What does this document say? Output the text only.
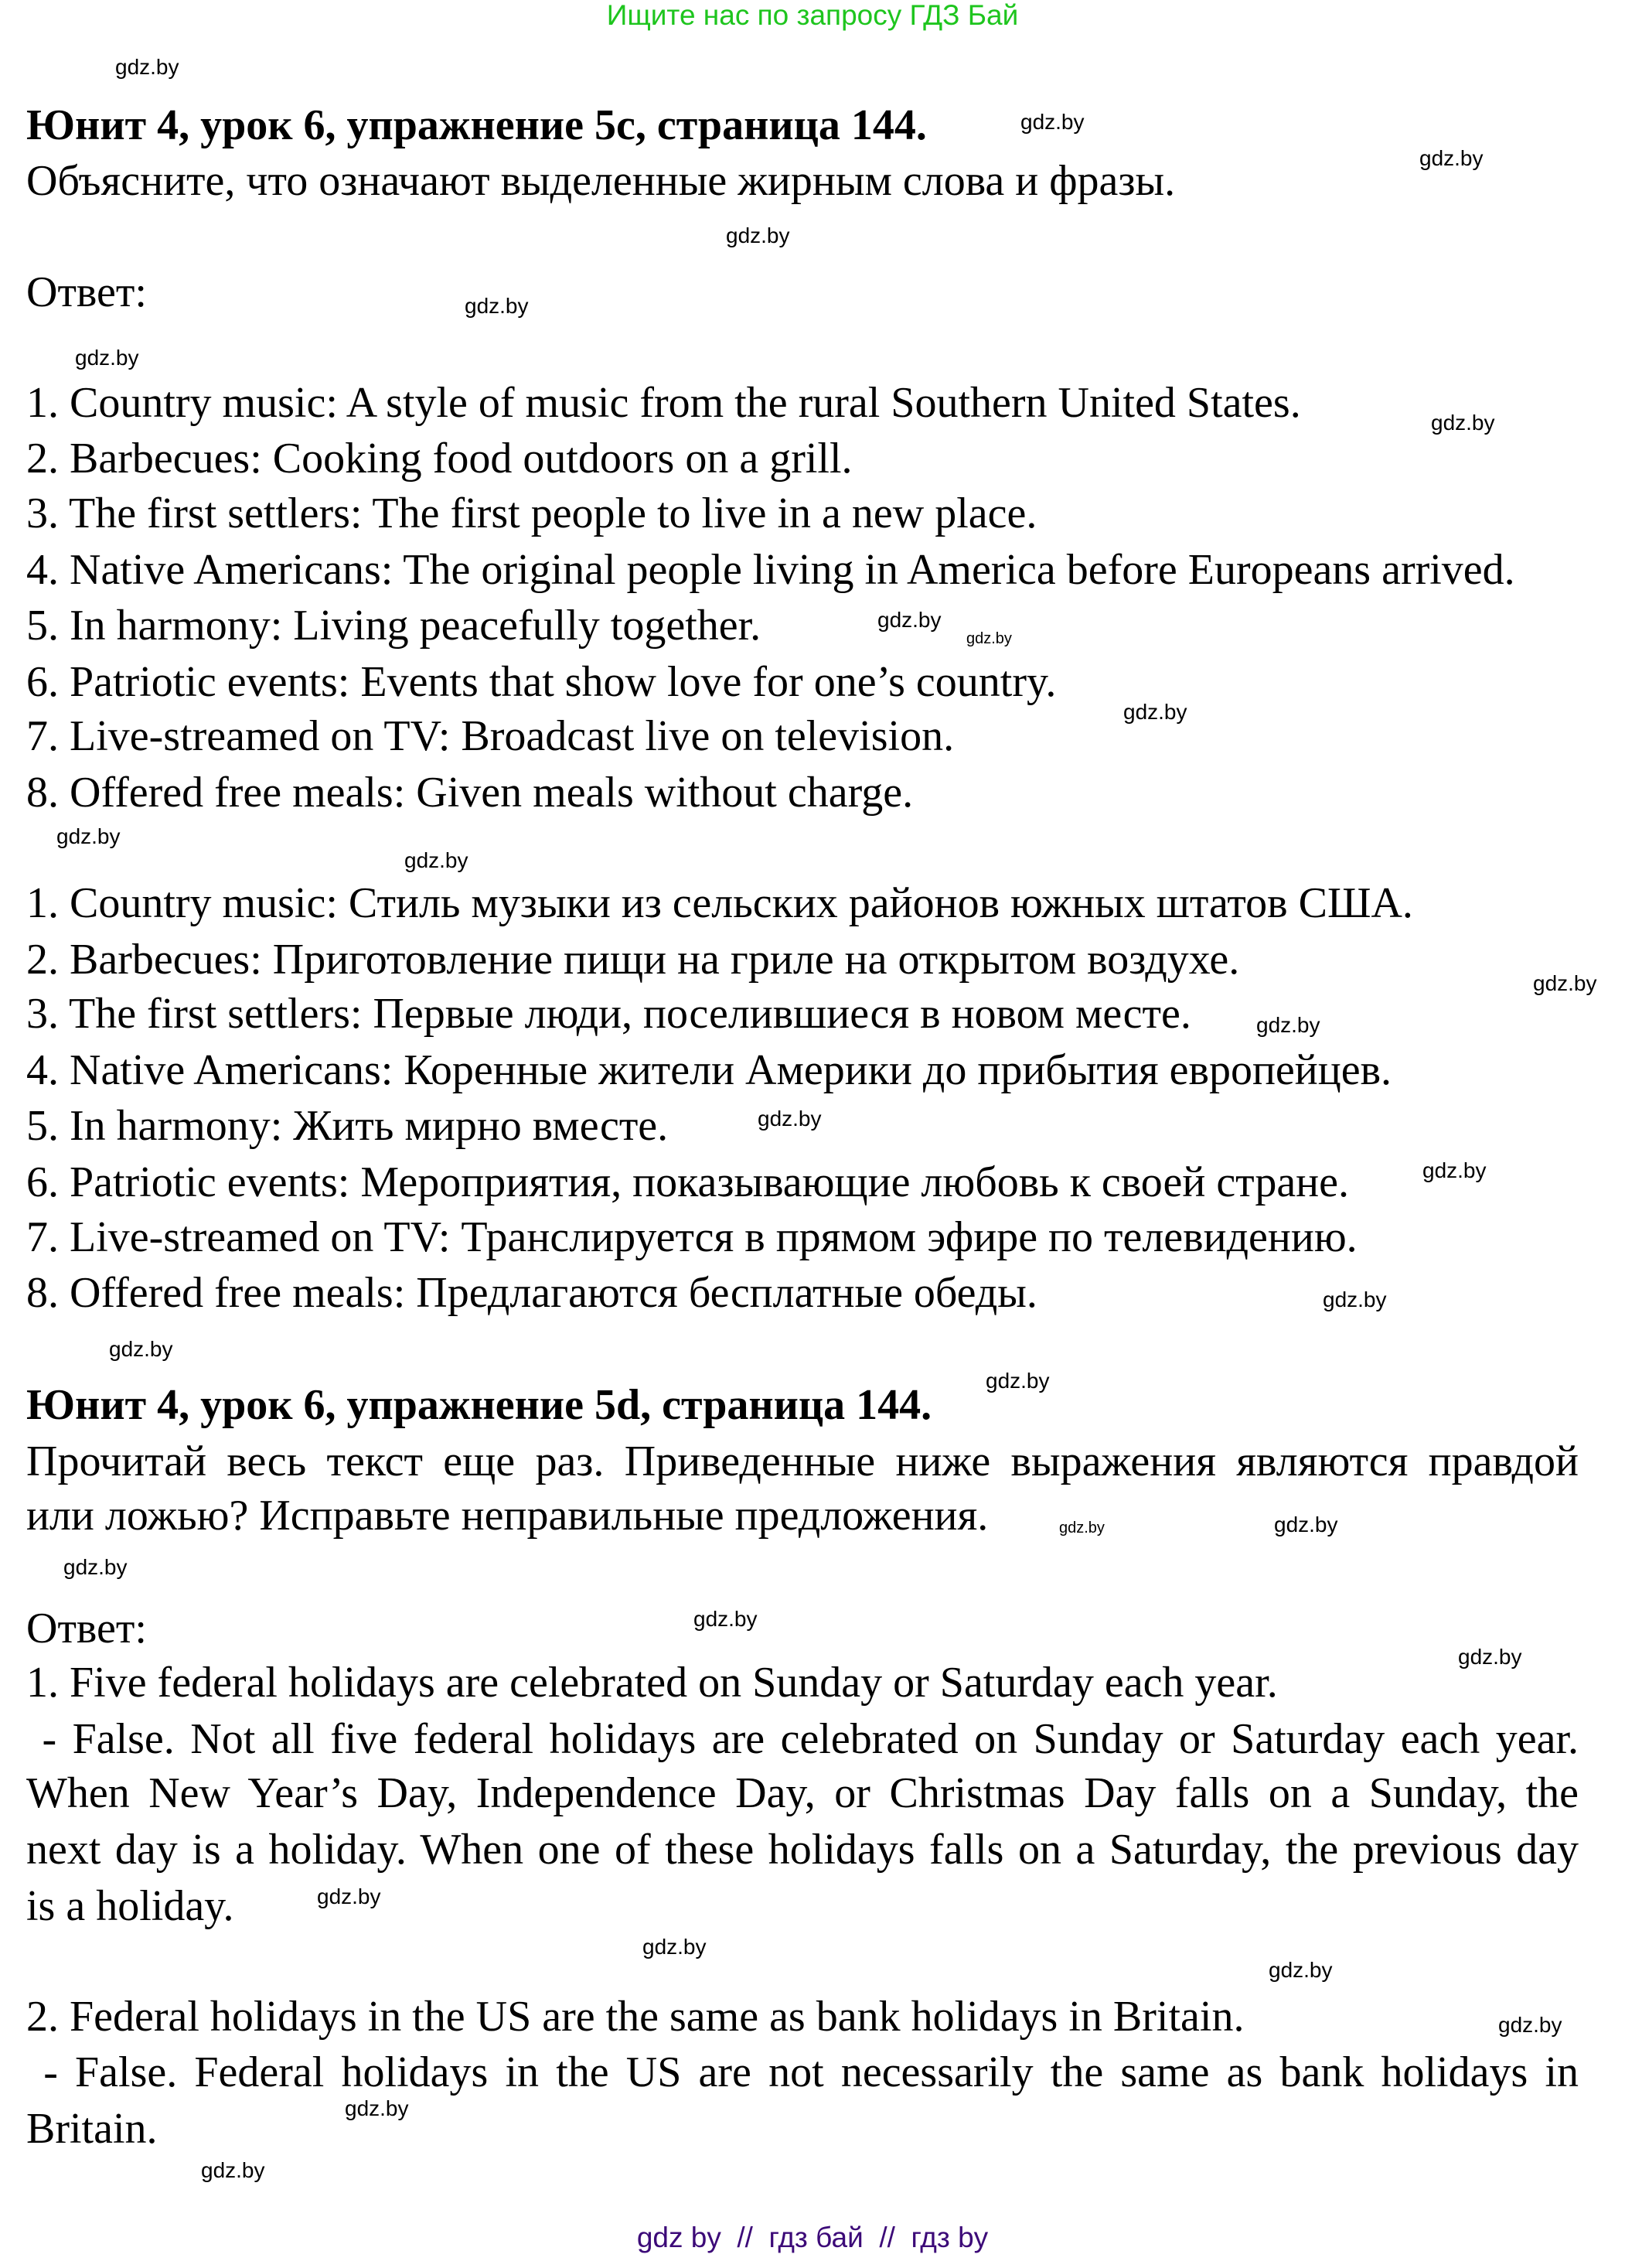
Ищите нас по запросу ГДЗ Бай
Юнит 4, урок 6, упражнение 5c, страница 144.
Объясните, что означают выделенные жирным слова и фразы.
Ответ:
1. Country music: A style of music from the rural Southern United States.
2. Barbecues: Cooking food outdoors on a grill.
3. The first settlers: The first people to live in a new place.
4. Native Americans: The original people living in America before Europeans arrived.
5. In harmony: Living peacefully together.
6. Patriotic events: Events that show love for one’s country.
7. Live-streamed on TV: Broadcast live on television.
8. Offered free meals: Given meals without charge.
1. Country music: Стиль музыки из сельских районов южных штатов США.
2. Barbecues: Приготовление пищи на гриле на открытом воздухе.
3. The first settlers: Первые люди, поселившиеся в новом месте.
4. Native Americans: Коренные жители Америки до прибытия европейцев.
5. In harmony: Жить мирно вместе.
6. Patriotic events: Мероприятия, показывающие любовь к своей стране.
7. Live-streamed on TV: Транслируется в прямом эфире по телевидению.
8. Offered free meals: Предлагаются бесплатные обеды.
Юнит 4, урок 6, упражнение 5d, страница 144.
Прочитай весь текст еще раз. Приведенные ниже выражения являются правдой
или ложью? Исправьте неправильные предложения.
Ответ:
1. Five federal holidays are celebrated on Sunday or Saturday each year.
- False. Not all five federal holidays are celebrated on Sunday or Saturday each year.
When New Year’s Day, Independence Day, or Christmas Day falls on a Sunday, the
next day is a holiday. When one of these holidays falls on a Saturday, the previous day
is a holiday.
2. Federal holidays in the US are the same as bank holidays in Britain.
- False. Federal holidays in the US are not necessarily the same as bank holidays in
Britain.
gdz.by
gdz.by
gdz.by
gdz.by
gdz.by
gdz.by
gdz.by
gdz.by
gdz.by
gdz.by
gdz.by
gdz.by
gdz.by
gdz.by
gdz.by
gdz.by
gdz.by
gdz.by
gdz.by
gdz.by	gdz.by
gdz.by
gdz.by
gdz.by
gdz.by
gdz.by
gdz.by
gdz.by
gdz.by
gdz.by
gdz by  //  гдз бай  //  гдз by
